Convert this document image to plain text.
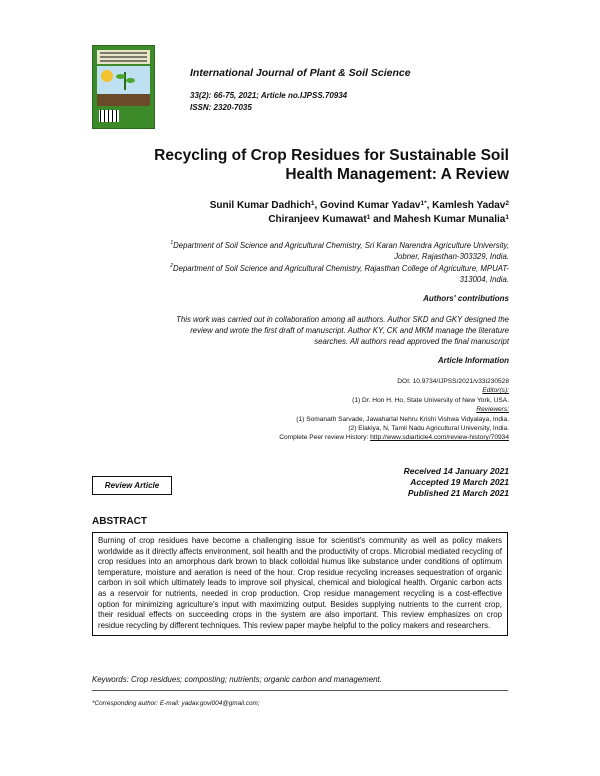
International Journal of Plant & Soil Science
33(2): 66-75, 2021; Article no.IJPSS.70934
ISSN: 2320-7035
Recycling of Crop Residues for Sustainable Soil
Health Management: A Review
Sunil Kumar Dadhich$^1$, Govind Kumar Yadav$^{1*}$, Kamlesh Yadav$^2$
Chiranjeev Kumawat$^1$ and Mahesh Kumar Munalia$^1$
$^1$Department of Soil Science and Agricultural Chemistry, Sri Karan Narendra Agriculture University,
Jobner, Rajasthan-303329, India.
$^2$Department of Soil Science and Agricultural Chemistry, Rajasthan College of Agriculture, MPUAT-
313004, India.
Authors' contributions
This work was carried out in collaboration among all authors. Author SKD and GKY designed the
review and wrote the first draft of manuscript. Author KY, CK and MKM manage the literature
searches. All authors read approved the final manuscript
Article Information
DOI: 10.9734/IJPSS/2021/v33i230528
Editor(s):
(1) Dr. Hon H. Ho, State University of New York, USA.
Reviewers:
(1) Somanath Sarvade, Jawaharlal Nehru Krishi Vishwa Vidyalaya, India.
(2) Elakiya, N, Tamil Nadu Agricultural University, India.
Complete Peer review History: http://www.sdiarticle4.com/review-history/70934
Review Article
Received 14 January 2021
Accepted 19 March 2021
Published 21 March 2021
ABSTRACT
Burning of crop residues have become a challenging issue for scientist's community as well as policy makers worldwide as it directly affects environment, soil health and the productivity of crops. Microbial mediated recycling of crop residues into an amorphous dark brown to black colloidal humus like substance under conditions of optimum temperature, moisture and aeration is need of the hour. Crop residue recycling increases sequestration of organic carbon in soil which ultimately leads to improve soil physical, chemical and biological health. Organic carbon acts as a reservoir for nutrients, needed in crop production. Crop residue management recycling is a cost-effective option for minimizing agriculture's input with maximizing output. Besides supplying nutrients to the current crop, their residual effects on succeeding crops in the system are also important. This review emphasizes on crop residue recycling by different techniques. This review paper maybe helpful to the policy makers and researchers.
Keywords: Crop residues; composting; nutrients; organic carbon and management.
*Corresponding author: E-mail: yadav.govi004@gmail.com;
